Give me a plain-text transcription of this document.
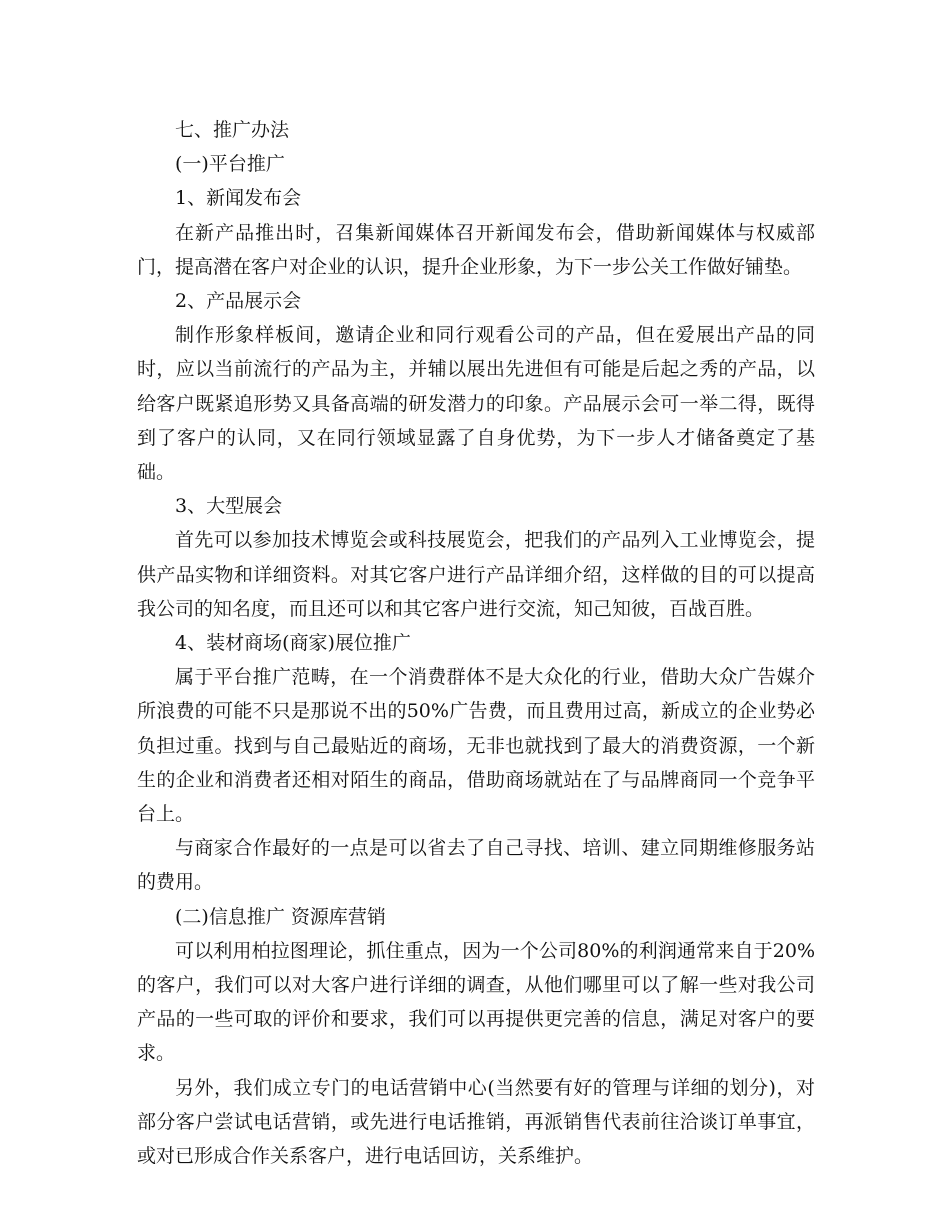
七、推广办法

(一)平台推广

1、新闻发布会

在新产品推出时，召集新闻媒体召开新闻发布会，借助新闻媒体与权威部门，提高潜在客户对企业的认识，提升企业形象，为下一步公关工作做好铺垫。

2、产品展示会

制作形象样板间，邀请企业和同行观看公司的产品，但在爱展出产品的同时，应以当前流行的产品为主，并辅以展出先进但有可能是后起之秀的产品，以给客户既紧追形势又具备高端的研发潜力的印象。产品展示会可一举二得，既得到了客户的认同，又在同行领域显露了自身优势，为下一步人才储备奠定了基础。

3、大型展会

首先可以参加技术博览会或科技展览会，把我们的产品列入工业博览会，提供产品实物和详细资料。对其它客户进行产品详细介绍，这样做的目的可以提高我公司的知名度，而且还可以和其它客户进行交流，知己知彼，百战百胜。

4、装材商场(商家)展位推广

属于平台推广范畴，在一个消费群体不是大众化的行业，借助大众广告媒介所浪费的可能不只是那说不出的50%广告费，而且费用过高，新成立的企业势必负担过重。找到与自己最贴近的商场，无非也就找到了最大的消费资源，一个新生的企业和消费者还相对陌生的商品，借助商场就站在了与品牌商同一个竞争平台上。

与商家合作最好的一点是可以省去了自己寻找、培训、建立同期维修服务站的费用。

(二)信息推广 资源库营销

可以利用柏拉图理论，抓住重点，因为一个公司80%的利润通常来自于20%的客户，我们可以对大客户进行详细的调查，从他们哪里可以了解一些对我公司产品的一些可取的评价和要求，我们可以再提供更完善的信息，满足对客户的要求。

另外，我们成立专门的电话营销中心(当然要有好的管理与详细的划分)，对部分客户尝试电话营销，或先进行电话推销，再派销售代表前往洽谈订单事宜，或对已形成合作关系客户，进行电话回访，关系维护。
